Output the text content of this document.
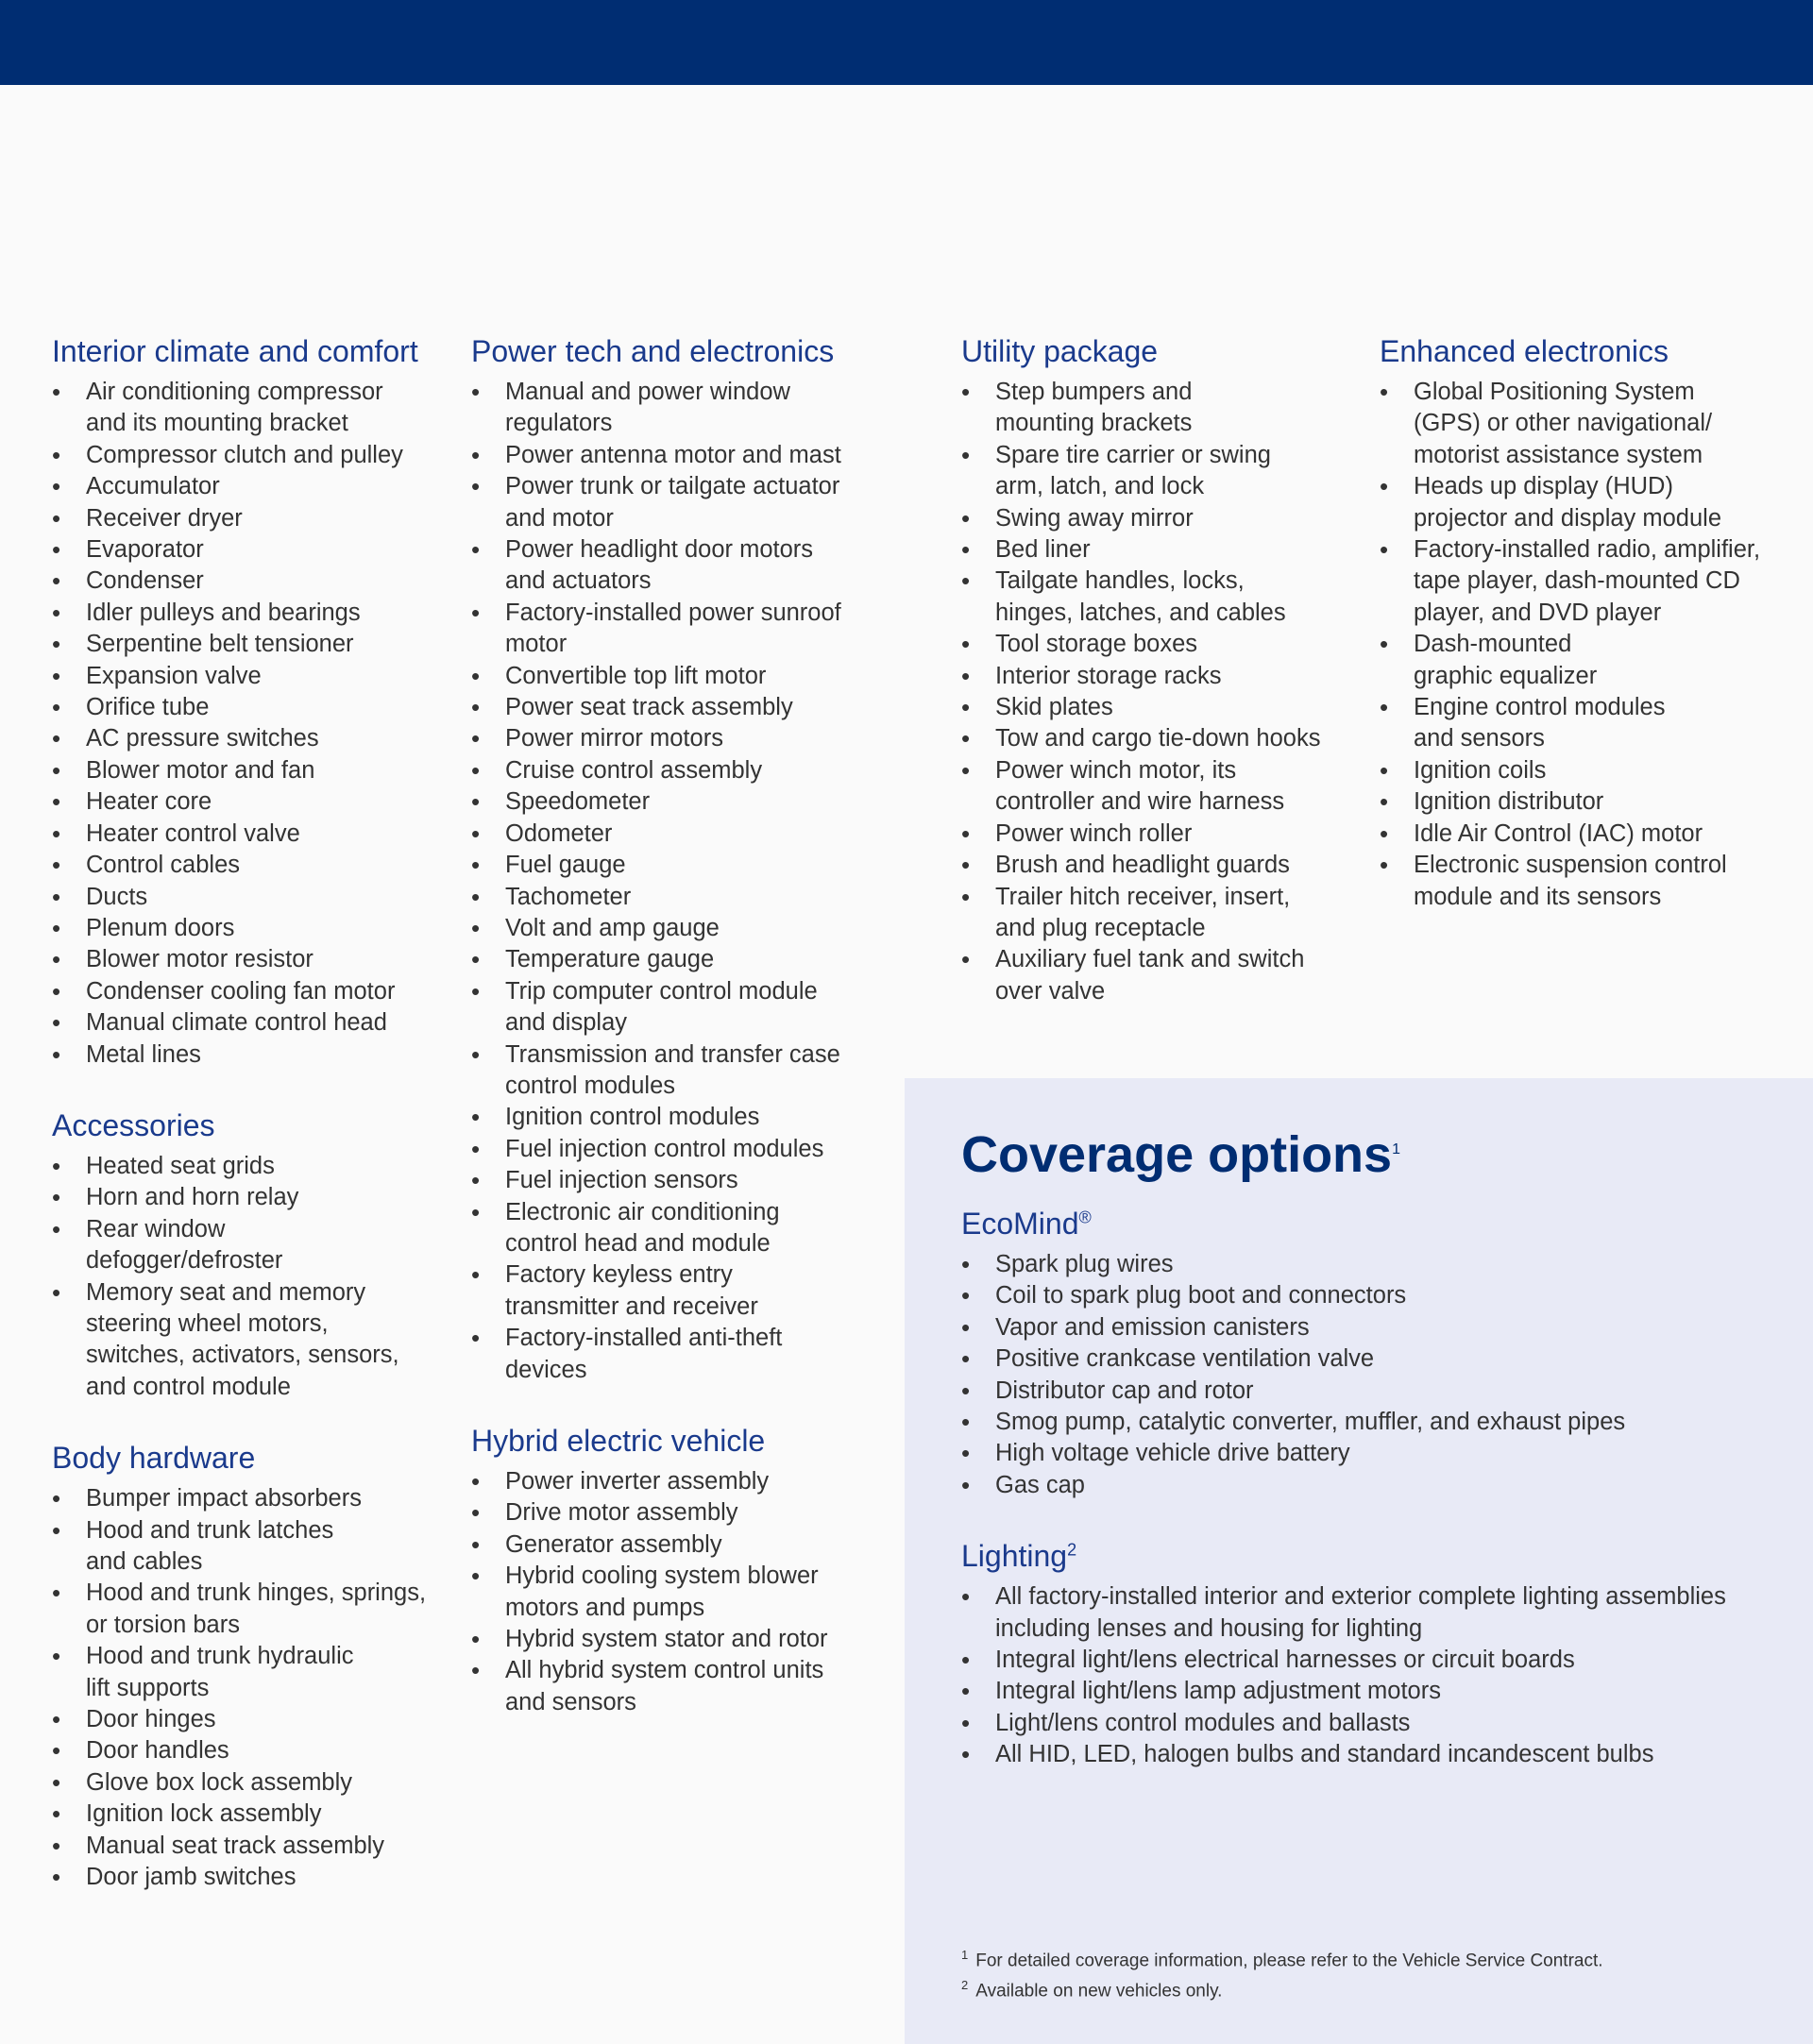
Interior climate and comfort
• Air conditioning compressor
and its mounting bracket
• Compressor clutch and pulley
• Accumulator
• Receiver dryer
• Evaporator
• Condenser
• Idler pulleys and bearings
• Serpentine belt tensioner
• Expansion valve
• Orifice tube
• AC pressure switches
• Blower motor and fan
• Heater core
• Heater control valve
• Control cables
• Ducts
• Plenum doors
• Blower motor resistor
• Condenser cooling fan motor
• Manual climate control head
• Metal lines
Accessories
• Heated seat grids
• Horn and horn relay
• Rear window
defogger/defroster
• Memory seat and memory
steering wheel motors,
switches, activators, sensors,
and control module
Body hardware
• Bumper impact absorbers
• Hood and trunk latches
and cables
• Hood and trunk hinges, springs,
or torsion bars
• Hood and trunk hydraulic
lift supports
• Door hinges
• Door handles
• Glove box lock assembly
• Ignition lock assembly
• Manual seat track assembly
• Door jamb switches
Power tech and electronics
• Manual and power window
regulators
• Power antenna motor and mast
• Power trunk or tailgate actuator
and motor
• Power headlight door motors
and actuators
• Factory-installed power sunroof
motor
• Convertible top lift motor
• Power seat track assembly
• Power mirror motors
• Cruise control assembly
• Speedometer
• Odometer
• Fuel gauge
• Tachometer
• Volt and amp gauge
• Temperature gauge
• Trip computer control module
and display
• Transmission and transfer case
control modules
• Ignition control modules
• Fuel injection control modules
• Fuel injection sensors
• Electronic air conditioning
control head and module
• Factory keyless entry
transmitter and receiver
• Factory-installed anti-theft
devices
Hybrid electric vehicle
• Power inverter assembly
• Drive motor assembly
• Generator assembly
• Hybrid cooling system blower
motors and pumps
• Hybrid system stator and rotor
• All hybrid system control units
and sensors
Utility package
• Step bumpers and
mounting brackets
• Spare tire carrier or swing
arm, latch, and lock
• Swing away mirror
• Bed liner
• Tailgate handles, locks,
hinges, latches, and cables
• Tool storage boxes
• Interior storage racks
• Skid plates
• Tow and cargo tie-down hooks
• Power winch motor, its
controller and wire harness
• Power winch roller
• Brush and headlight guards
• Trailer hitch receiver, insert,
and plug receptacle
• Auxiliary fuel tank and switch
over valve
Enhanced electronics
• Global Positioning System
(GPS) or other navigational/
motorist assistance system
• Heads up display (HUD)
projector and display module
• Factory-installed radio, amplifier,
tape player, dash-mounted CD
player, and DVD player
• Dash-mounted
graphic equalizer
• Engine control modules
and sensors
• Ignition coils
• Ignition distributor
• Idle Air Control (IAC) motor
• Electronic suspension control
module and its sensors
Coverage options$^1$
EcoMind®
• Spark plug wires
• Coil to spark plug boot and connectors
• Vapor and emission canisters
• Positive crankcase ventilation valve
• Distributor cap and rotor
• Smog pump, catalytic converter, muffler, and exhaust pipes
• High voltage vehicle drive battery
• Gas cap
Lighting$^2$
• All factory-installed interior and exterior complete lighting assemblies
including lenses and housing for lighting
• Integral light/lens electrical harnesses or circuit boards
• Integral light/lens lamp adjustment motors
• Light/lens control modules and ballasts
• All HID, LED, halogen bulbs and standard incandescent bulbs
$^1$ For detailed coverage information, please refer to the Vehicle Service Contract.
$^2$ Available on new vehicles only.
